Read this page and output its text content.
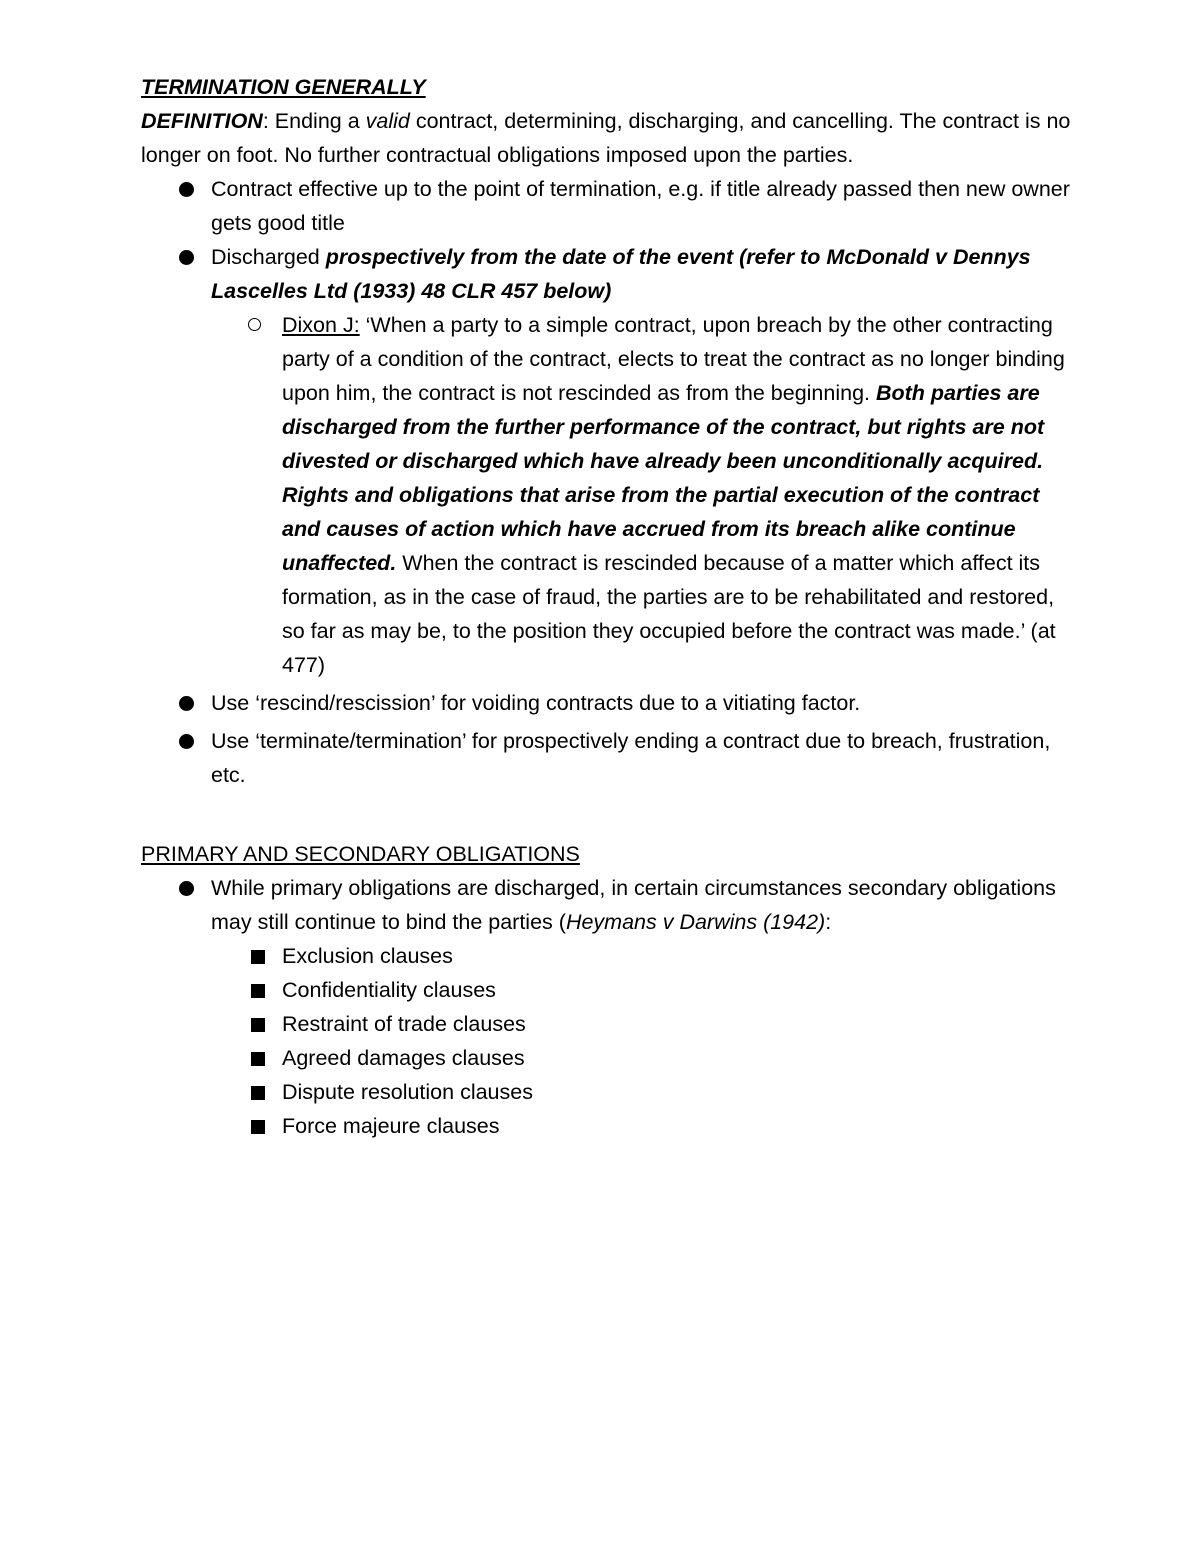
TERMINATION GENERALLY

DEFINITION: Ending a valid contract, determining, discharging, and cancelling. The contract is no longer on foot. No further contractual obligations imposed upon the parties.

Contract effective up to the point of termination, e.g. if title already passed then new owner gets good title
Discharged prospectively from the date of the event (refer to McDonald v Dennys Lascelles Ltd (1933) 48 CLR 457 below)
Dixon J: ‘When a party to a simple contract, upon breach by the other contracting party of a condition of the contract, elects to treat the contract as no longer binding upon him, the contract is not rescinded as from the beginning. Both parties are discharged from the further performance of the contract, but rights are not divested or discharged which have already been unconditionally acquired. Rights and obligations that arise from the partial execution of the contract and causes of action which have accrued from its breach alike continue unaffected. When the contract is rescinded because of a matter which affect its formation, as in the case of fraud, the parties are to be rehabilitated and restored, so far as may be, to the position they occupied before the contract was made.’ (at 477)
Use ‘rescind/rescission’ for voiding contracts due to a vitiating factor.
Use ‘terminate/termination’ for prospectively ending a contract due to breach, frustration, etc.

PRIMARY AND SECONDARY OBLIGATIONS

While primary obligations are discharged, in certain circumstances secondary obligations may still continue to bind the parties (Heymans v Darwins (1942):
Exclusion clauses
Confidentiality clauses
Restraint of trade clauses
Agreed damages clauses
Dispute resolution clauses
Force majeure clauses
